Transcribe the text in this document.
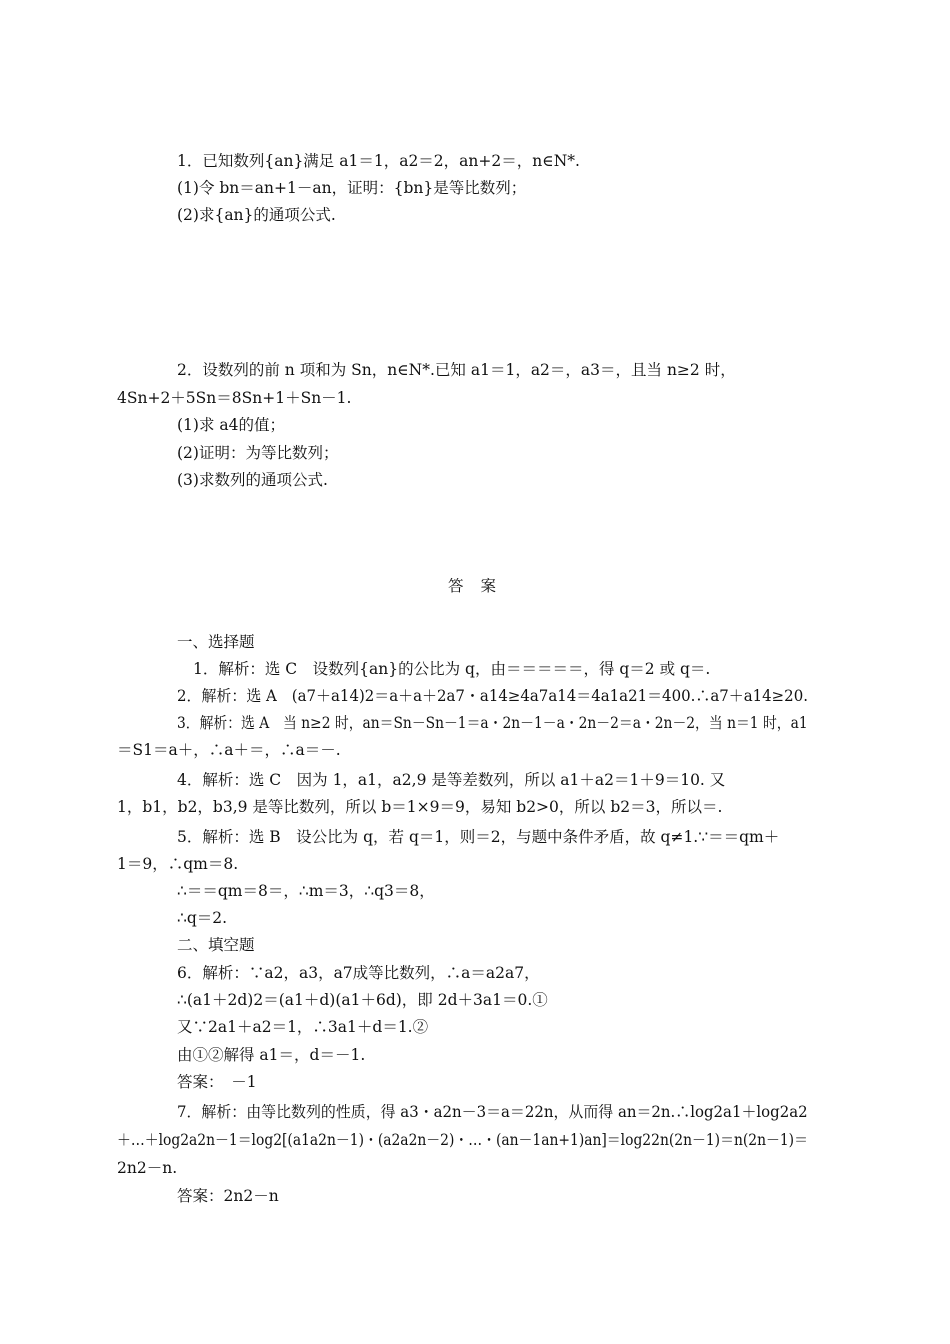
1．已知数列{an}满足 a1＝1，a2＝2，an+2＝，n∈N*.
(1)令 bn＝an+1－an，证明：{bn}是等比数列；
(2)求{an}的通项公式.
2．设数列的前 n 项和为 Sn，n∈N*.已知 a1＝1，a2＝，a3＝，且当 n≥2 时，
4Sn+2＋5Sn＝8Sn+1＋Sn－1.
(1)求 a4的值；
(2)证明：为等比数列；
(3)求数列的通项公式.
答 案
一、选择题
1．解析：选 C　设数列{an}的公比为 q，由＝＝＝＝＝，得 q＝2 或 q＝.
2．解析：选 A　(a7＋a14)2＝a＋a＋2a7・a14≥4a7a14＝4a1a21＝400.∴a7＋a14≥20.
3．解析：选 A　当 n≥2 时，an＝Sn－Sn－1＝a・2n－1－a・2n－2＝a・2n－2，当 n＝1 时，a1
＝S1＝a＋，∴a＋＝，∴a＝－.
4．解析：选 C　因为 1，a1，a2,9 是等差数列，所以 a1＋a2＝1＋9＝10. 又
1，b1，b2，b3,9 是等比数列，所以 b＝1×9＝9，易知 b2>0，所以 b2＝3，所以＝.
5．解析：选 B　设公比为 q，若 q＝1，则＝2，与题中条件矛盾，故 q≠1.∵＝＝qm＋
1＝9，∴qm＝8.
∴＝＝qm＝8＝，∴m＝3，∴q3＝8，
∴q＝2.
二、填空题
6．解析：∵a2，a3，a7成等比数列，∴a＝a2a7，
∴(a1＋2d)2＝(a1＋d)(a1＋6d)，即 2d＋3a1＝0.①
又∵2a1＋a2＝1，∴3a1＋d＝1.②
由①②解得 a1＝，d＝－1.
答案：　－1
7．解析：由等比数列的性质，得 a3・a2n－3＝a＝22n，从而得 an＝2n.∴log2a1＋log2a2
＋…＋log2a2n－1＝log2[(a1a2n－1)・(a2a2n－2)・…・(an－1an+1)an]＝log22n(2n－1)＝n(2n－1)＝
2n2－n.
答案：2n2－n
